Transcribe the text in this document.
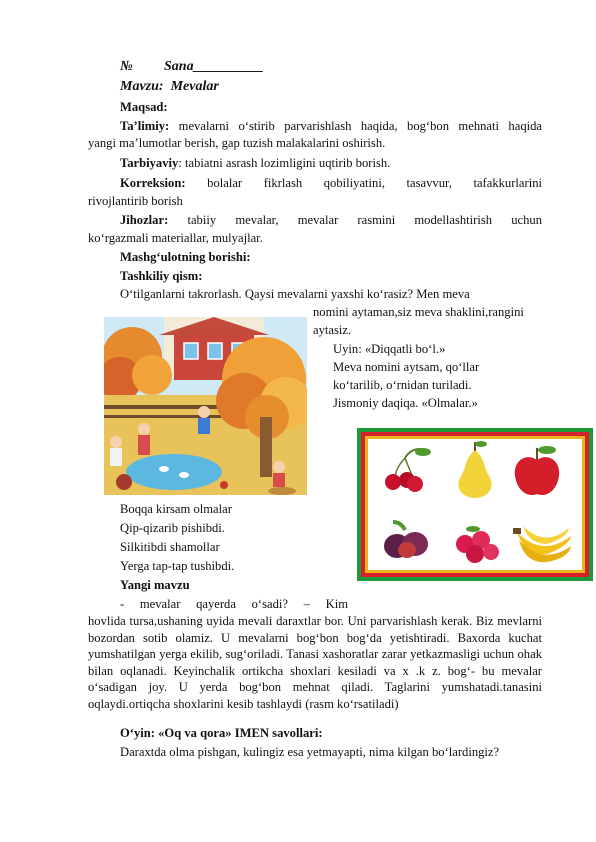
№ Sana__________
Mavzu: Mevalar
Maqsad:
Ta’limiy: mevalarni o‘stirib parvarishlash haqida, bog‘bon mehnati haqida
yangi ma’lumotlar berish, gap tuzish malakalarini oshirish.
Tarbiyaviy: tabiatni asrash lozimligini uqtirib borish.
Korreksion: bolalar fikrlash qobiliyatini, tasavvur, tafakkurlarini
rivojlantirib borish
Jihozlar: tabiiy mevalar, mevalar rasmini modellashtirish uchun
ko‘rgazmali materiallar, mulyajlar.
Mashg‘ulotning borishi:
Tashkiliy qism:
O‘tilganlarni takrorlash. Qaysi mevalarni yaxshi ko‘rasiz? Men meva
nomini aytaman,siz meva shaklini,rangini
aytasiz.
Uyin: «Diqqatli bo‘l.»
Meva nomini aytsam, qo‘llar
ko‘tarilib, o‘rnidan turiladi.
Jismoniy daqiqa. «Olmalar.»
Boqqa kirsam olmalar
Qip-qizarib pishibdi.
Silkitibdi shamollar
Yerga tap-tap tushibdi.
Yangi mavzu
- mevalar qayerda o‘sadi? – Kim
hovlida tursa,ushaning uyida mevali daraxtlar bor. Uni parvarishlash kerak. Biz mevlarni bozordan sotib olamiz. U mevalarni bog‘bon bog‘da yetishtiradi. Baxorda kuchat yumshatilgan yerga ekilib, sug‘oriladi. Tanasi xashoratlar zarar yetkazmasligi uchun ohak bilan oqlanadi. Keyinchalik ortikcha shoxlari kesiladi va x .k z. bog‘- bu mevalar o‘sadigan joy. U yerda bog‘bon mehnat qiladi. Taglarini yumshatadi.tanasini oqlaydi.ortiqcha shoxlarini kesib tashlaydi (rasm ko‘rsatiladi)
O‘yin: «Oq va qora» IMEN savollari:
Daraxtda olma pishgan, kulingiz esa yetmayapti, nima kilgan bo‘lardingiz?
